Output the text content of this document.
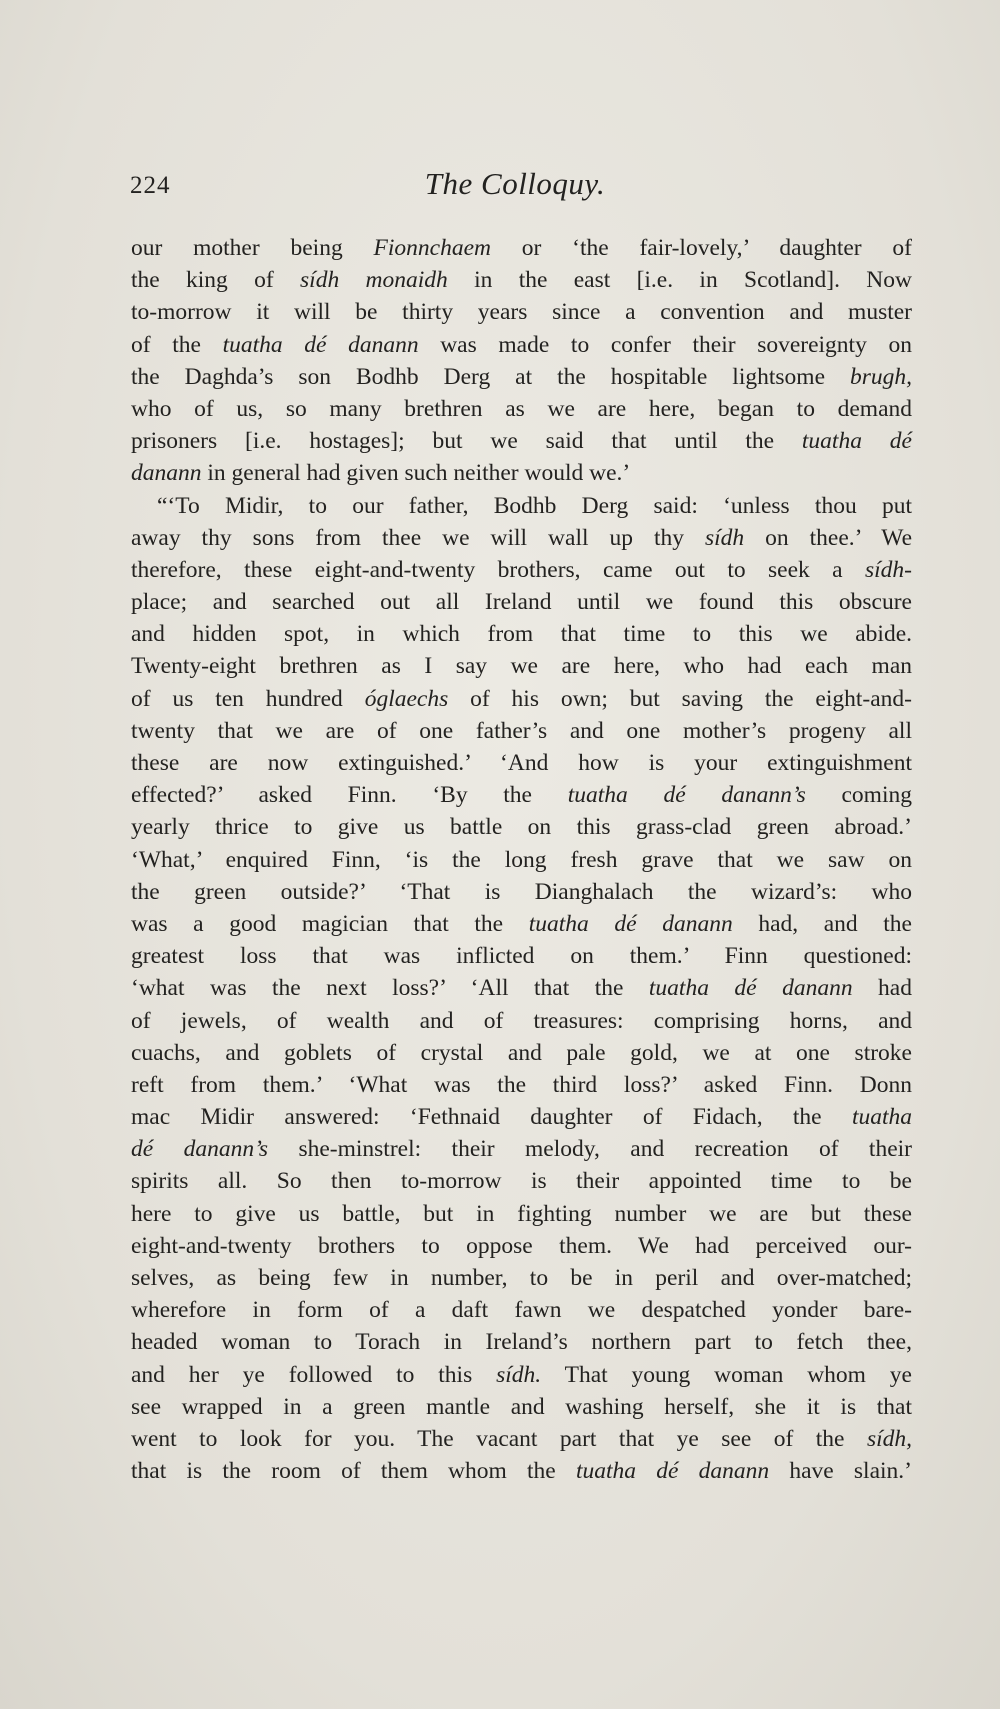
224	The Colloquy.
our mother being Fionnchaem or ‘the fair-lovely,’ daughter of
the king of sídh monaidh in the east [i.e. in Scotland]. Now
to-morrow it will be thirty years since a convention and muster
of the tuatha dé danann was made to confer their sovereignty on
the Daghda’s son Bodhb Derg at the hospitable lightsome brugh,
who of us, so many brethren as we are here, began to demand
prisoners [i.e. hostages]; but we said that until the tuatha dé
danann in general had given such neither would we.’
“‘To Midir, to our father, Bodhb Derg said: ‘unless thou put
away thy sons from thee we will wall up thy sídh on thee.’ We
therefore, these eight-and-twenty brothers, came out to seek a sídh-
place; and searched out all Ireland until we found this obscure
and hidden spot, in which from that time to this we abide.
Twenty-eight brethren as I say we are here, who had each man
of us ten hundred óglaechs of his own; but saving the eight-and-
twenty that we are of one father’s and one mother’s progeny all
these are now extinguished.’ ‘And how is your extinguishment
effected?’ asked Finn. ‘By the tuatha dé danann’s coming
yearly thrice to give us battle on this grass-clad green abroad.’
‘What,’ enquired Finn, ‘is the long fresh grave that we saw on
the green outside?’ ‘That is Dianghalach the wizard’s: who
was a good magician that the tuatha dé danann had, and the
greatest loss that was inflicted on them.’ Finn questioned:
‘what was the next loss?’ ‘All that the tuatha dé danann had
of jewels, of wealth and of treasures: comprising horns, and
cuachs, and goblets of crystal and pale gold, we at one stroke
reft from them.’ ‘What was the third loss?’ asked Finn. Donn
mac Midir answered: ‘Fethnaid daughter of Fidach, the tuatha
dé danann’s she-minstrel: their melody, and recreation of their
spirits all. So then to-morrow is their appointed time to be
here to give us battle, but in fighting number we are but these
eight-and-twenty brothers to oppose them. We had perceived our-
selves, as being few in number, to be in peril and over-matched;
wherefore in form of a daft fawn we despatched yonder bare-
headed woman to Torach in Ireland’s northern part to fetch thee,
and her ye followed to this sídh. That young woman whom ye
see wrapped in a green mantle and washing herself, she it is that
went to look for you. The vacant part that ye see of the sídh,
that is the room of them whom the tuatha dé danann have slain.’
